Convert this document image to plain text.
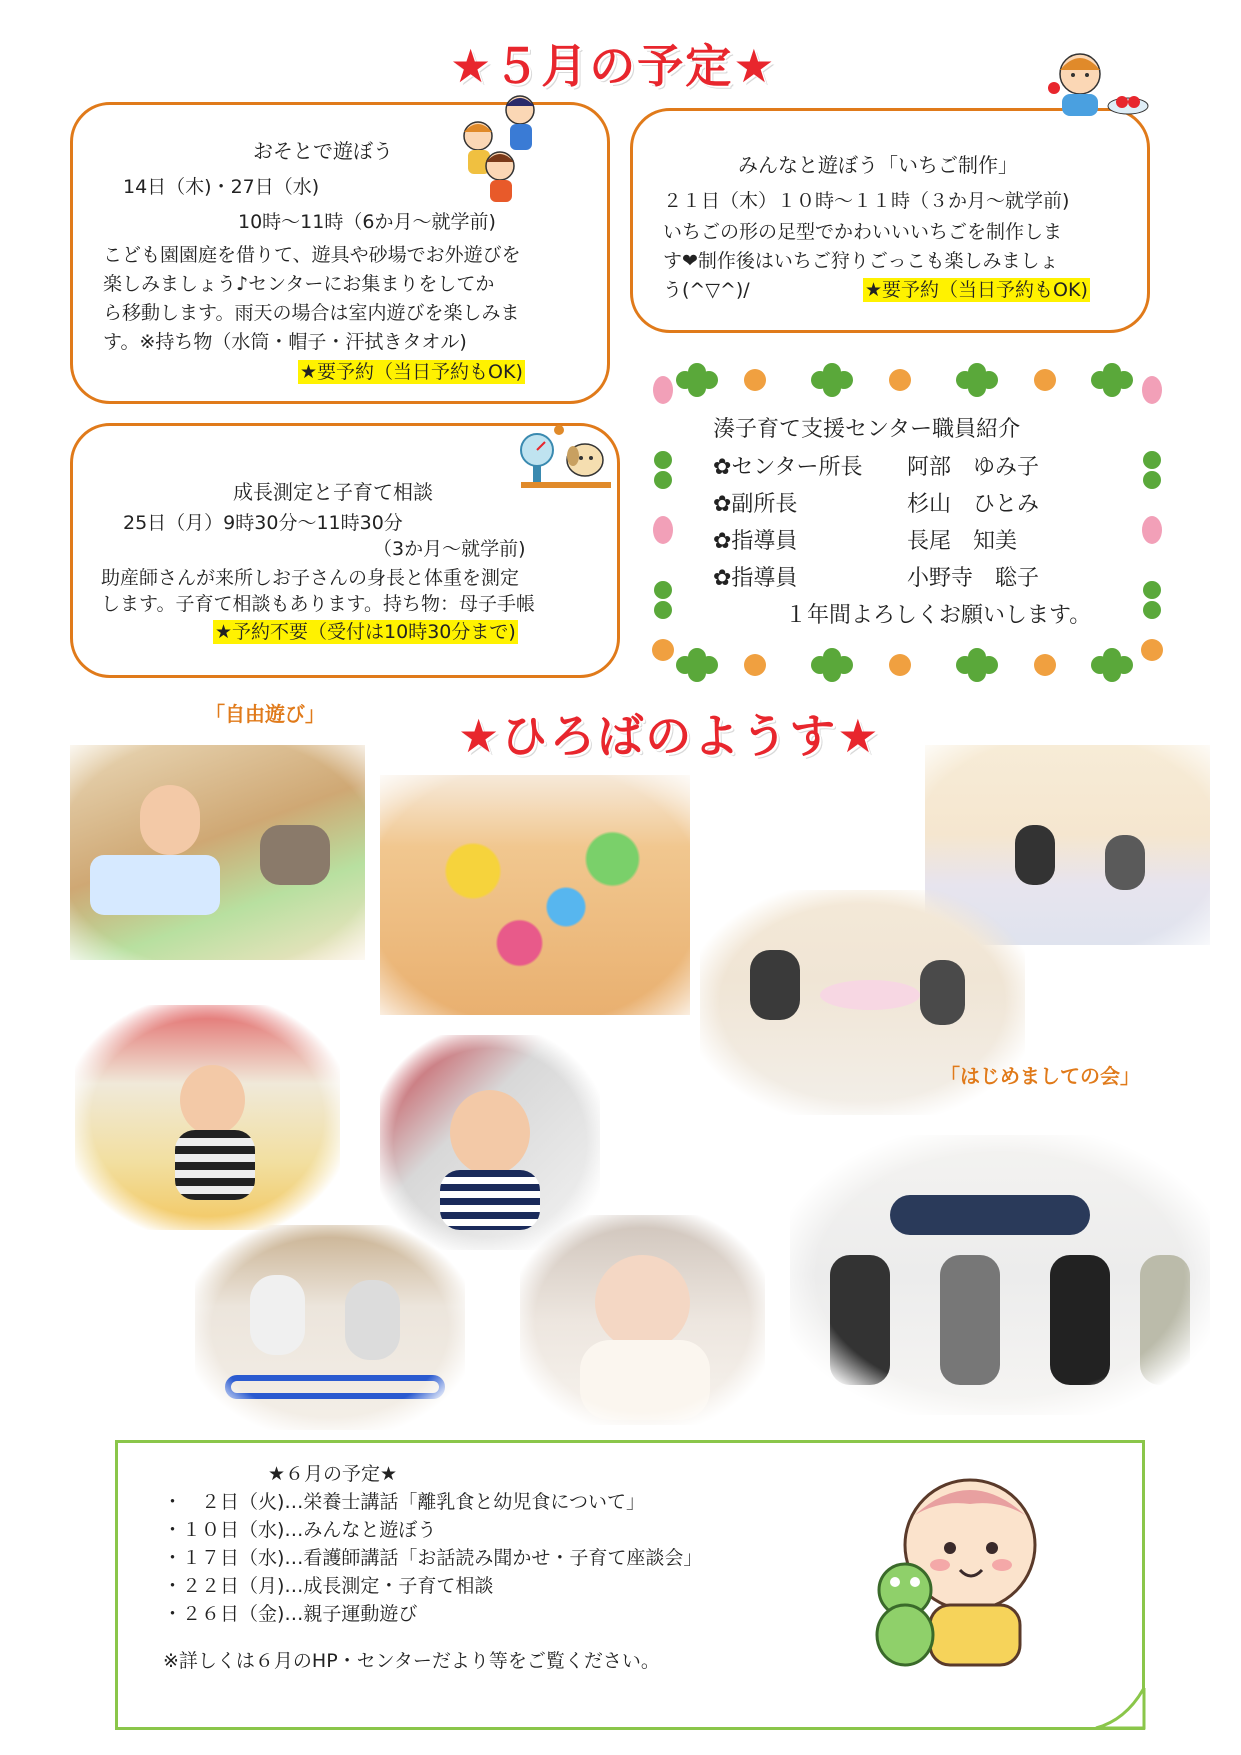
★５月の予定★
おそとで遊ぼう
14日（木)・27日（水)
10時〜11時（6か月〜就学前)
こども園園庭を借りて、遊具や砂場でお外遊びを
楽しみましょう♪センターにお集まりをしてか
ら移動します。雨天の場合は室内遊びを楽しみま
す。※持ち物（水筒・帽子・汗拭きタオル)
★要予約（当日予約もOK)
みんなと遊ぼう「いちご制作」
２１日（木）１０時〜１１時（３か月〜就学前)
いちごの形の足型でかわいいいちごを制作しま
す❤制作後はいちご狩りごっこも楽しみましょ
う(^▽^)/	★要予約（当日予約もOK)
成長測定と子育て相談
25日（月）9時30分〜11時30分
（3か月〜就学前)
助産師さんが来所しお子さんの身長と体重を測定
します。子育て相談もあります。持ち物：母子手帳
★予約不要（受付は10時30分まで)
湊子育て支援センター職員紹介
✿センター所長 阿部　ゆみ子
✿副所長	杉山　ひとみ
✿指導員	長尾　知美
✿指導員	小野寺　聡子
１年間よろしくお願いします。
「自由遊び」	★ひろばのようす★
「はじめましての会」
★６月の予定★
・　２日（火)…栄養士講話「離乳食と幼児食について」
・１０日（水)…みんなと遊ぼう
・１７日（水)…看護師講話「お話読み聞かせ・子育て座談会」
・２２日（月)…成長測定・子育て相談
・２６日（金)…親子運動遊び
※詳しくは６月のHP・センターだより等をご覧ください。
